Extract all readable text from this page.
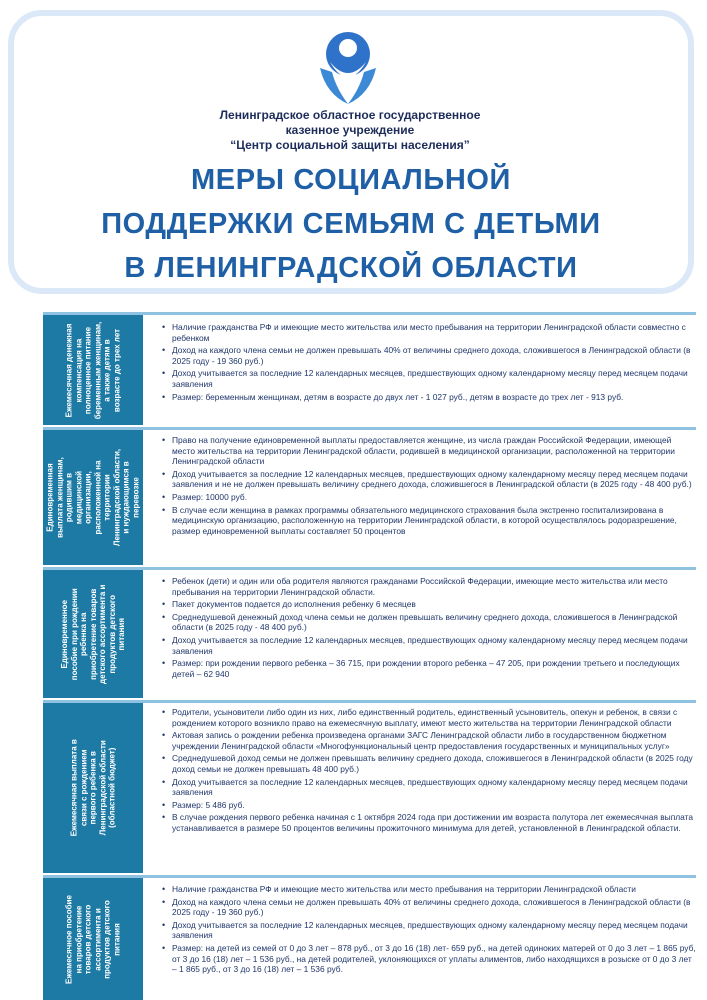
Ленинградское областное государственное
казенное учреждение
“Центр социальной защиты населения”
МЕРЫ СОЦИАЛЬНОЙ
ПОДДЕРЖКИ СЕМЬЯМ С ДЕТЬМИ
В ЛЕНИНГРАДСКОЙ ОБЛАСТИ
Ежемесячная денежная компенсация на полноценное питание беременным женщинам, а также детям в возрасте до трех лет
• Наличие гражданства РФ и имеющие место жительства или место пребывания на территории Ленинградской области совместно с ребенком
• Доход на каждого члена семьи не должен превышать 40% от величины среднего дохода, сложившегося в Ленинградской области (в 2025 году - 19 360 руб.)
• Доход учитывается за последние 12 календарных месяцев, предшествующих одному календарному месяцу перед месяцем подачи заявления
• Размер: беременным женщинам, детям в возрасте до двух лет - 1 027 руб., детям в возрасте до трех лет - 913 руб.
Единовременная выплата женщинам, родившим в медицинской организации, расположенной на территории Ленинградской области, и нуждающимся в перевозке
• Право на получение единовременной выплаты предоставляется женщине, из числа граждан Российской Федерации, имеющей место жительства на территории Ленинградской области, родившей в медицинской организации, расположенной на территории Ленинградской области
• Доход учитывается за последние 12 календарных месяцев, предшествующих одному календарному месяцу перед месяцем подачи заявления и не не должен превышать величину среднего дохода, сложившегося в Ленинградской области (в 2025 году - 48 400 руб.)
• Размер: 10000 руб.
• В случае если женщина в рамках программы обязательного медицинского страхования была экстренно госпитализирована в медицинскую организацию, расположенную на территории Ленинградской области, в которой осуществлялось родоразрешение, размер единовременной выплаты составляет 50 процентов
Единовременное пособие при рождении ребенка на приобретение товаров детского ассортимента и продуктов детского питания
• Ребенок (дети) и один или оба родителя являются гражданами Российской Федерации, имеющие место жительства или место пребывания на территории Ленинградской области.
• Пакет документов подается до исполнения ребенку 6 месяцев
• Среднедушевой денежный доход члена семьи не должен превышать величину среднего дохода, сложившегося в Ленинградской области (в 2025 году - 48 400 руб.)
• Доход учитывается за последние 12 календарных месяцев, предшествующих одному календарному месяцу перед месяцем подачи заявления
• Размер: при рождении первого ребенка – 36 715, при рождении второго ребенка – 47 205, при рождении третьего и последующих детей – 62 940
Ежемесячная выплата в связи с рождением первого ребенка в Ленинградской области (областной бюджет)
• Родители, усыновители либо один из них, либо единственный родитель, единственный усыновитель, опекун и ребенок, в связи с рождением которого возникло право на ежемесячную выплату, имеют место жительства на территории Ленинградской области
• Актовая запись о рождении ребенка произведена органами ЗАГС Ленинградской области либо в государственном бюджетном учреждении Ленинградской области «Многофункциональный центр предоставления государственных и муниципальных услуг»
• Среднедушевой доход семьи не должен превышать величину среднего дохода, сложившегося в Ленинградской области (в 2025 году доход семьи не должен превышать 48 400 руб.)
• Доход учитывается за последние 12 календарных месяцев, предшествующих одному календарному месяцу перед месяцем подачи заявления
• Размер: 5 486 руб.
• В случае рождения первого ребенка начиная с 1 октября 2024 года при достижении им возраста полутора лет ежемесячная выплата устанавливается в размере 50 процентов величины прожиточного минимума для детей, установленной в Ленинградской области.
Ежемесячное пособие на приобретение товаров детского ассортимента и продуктов детского питания
• Наличие гражданства РФ и имеющие место жительства или место пребывания на территории Ленинградской области
• Доход на каждого члена семьи не должен превышать 40% от величины среднего дохода, сложившегося в Ленинградской области (в 2025 году - 19 360 руб.)
• Доход учитывается за последние 12 календарных месяцев, предшествующих одному календарному месяцу перед месяцем подачи заявления
• Размер: на детей из семей от 0 до 3 лет – 878 руб., от 3 до 16 (18) лет- 659 руб., на детей одиноких матерей от 0 до 3 лет – 1 865 руб, от 3 до 16 (18) лет – 1 536 руб., на детей родителей, уклоняющихся от уплаты алиментов, либо находящихся в розыске от 0 до 3 лет – 1 865 руб., от 3 до 16 (18) лет – 1 536 руб.
